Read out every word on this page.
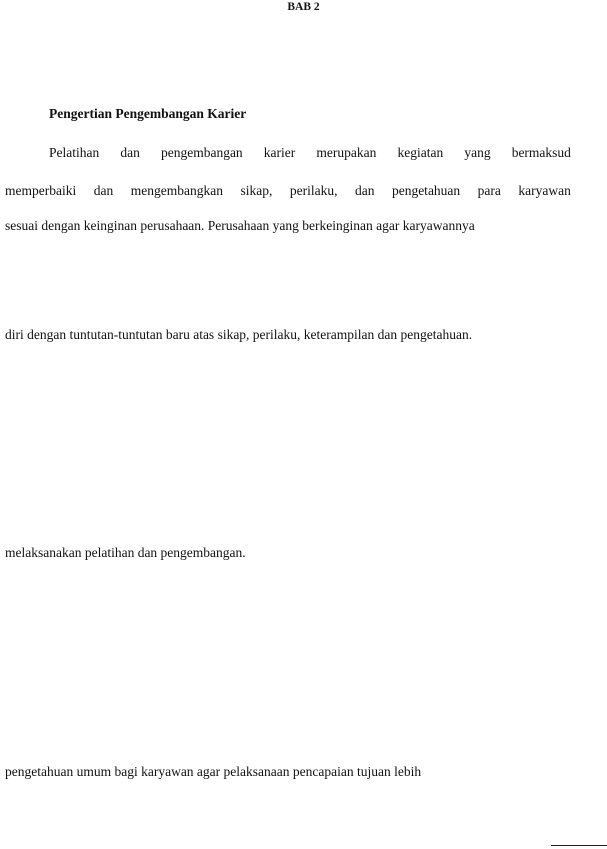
BAB 2
Pengertian Pengembangan Karier
Pelatihan dan pengembangan karier merupakan kegiatan yang bermaksud
memperbaiki dan mengembangkan sikap, perilaku, dan pengetahuan para karyawan
sesuai dengan keinginan perusahaan. Perusahaan yang berkeinginan agar karyawannya
diri dengan tuntutan-tuntutan baru atas sikap, perilaku, keterampilan dan pengetahuan.
melaksanakan pelatihan dan pengembangan.
pengetahuan umum bagi karyawan agar pelaksanaan pencapaian tujuan lebih
